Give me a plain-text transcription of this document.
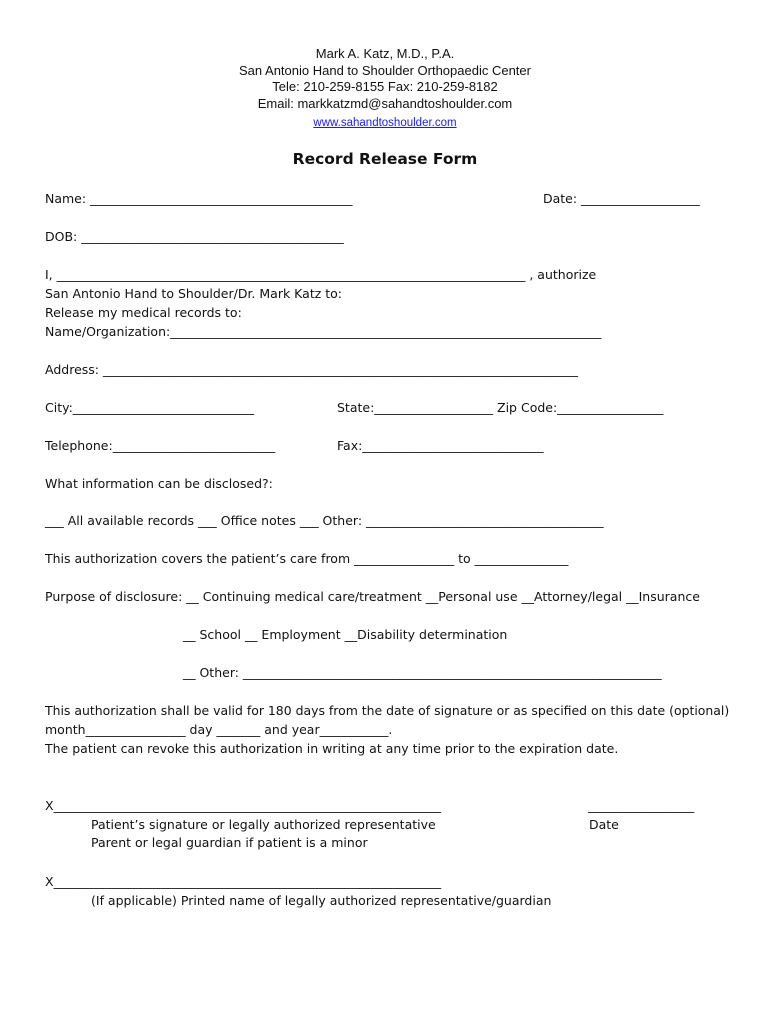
Mark A. Katz, M.D., P.A.
San Antonio Hand to Shoulder Orthopaedic Center
Tele: 210-259-8155 Fax: 210-259-8182
Email: markkatzmd@sahandtoshoulder.com
www.sahandtoshoulder.com
Record Release Form
Name: __________________________________________	Date: ___________________
DOB: __________________________________________
I, ___________________________________________________________________________ , authorize
San Antonio Hand to Shoulder/Dr. Mark Katz to:
Release my medical records to:
Name/Organization:_____________________________________________________________________
Address: ____________________________________________________________________________
City:_____________________________	State:___________________ Zip Code:_________________
Telephone:__________________________	Fax:_____________________________
What information can be disclosed?:
___ All available records ___ Office notes ___ Other: ______________________________________
This authorization covers the patient’s care from ________________ to _______________
Purpose of disclosure: __ Continuing medical care/treatment __Personal use __Attorney/legal __Insurance
__ School __ Employment __Disability determination
__ Other: ___________________________________________________________________
This authorization shall be valid for 180 days from the date of signature or as specified on this date (optional)
month________________ day _______ and year___________.
The patient can revoke this authorization in writing at any time prior to the expiration date.
X______________________________________________________________	_________________
Patient’s signature or legally authorized representative	Date
Parent or legal guardian if patient is a minor
X______________________________________________________________
(If applicable) Printed name of legally authorized representative/guardian
